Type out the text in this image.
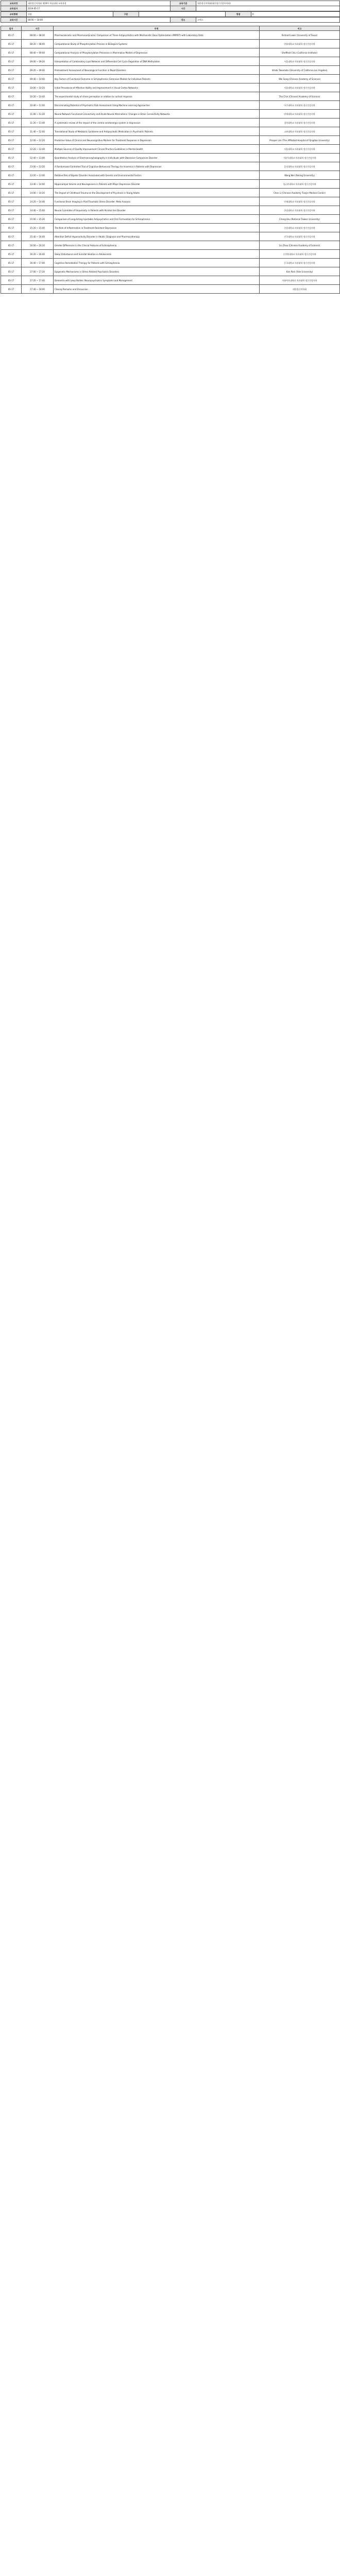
교육과정	대한정신의학회 제10차 학술대회 교육과정	교육기관	대한정신의학회(대한정신건강의학회)
교육일자	2019-05-17	시간	
교육형태	집합	구분		평점	6
교육시간	08:00 ~ 18:00	장소	코엑스
일자	시간	주제	비고
05-17	08:00 ~ 08:20	Pharmacokinetic and Pharmacodynamic Comparison of Three Antipsychotics with Mechanistic Dose Optimization (PMPDT) with Laboratory Data	Richard Lewis (University of Texas)
05-17	08:20 ~ 08:40	Computational Study of Phosphorylation Process in Biological Systems	한양대학교 의과대학 정신건강의학
05-17	08:40 ~ 09:00	Computational Analysis of Phosphorylation Processes in Mammalian Models of Depression	Sheffield Chiu (California Institute)
05-17	09:00 ~ 09:20	Interpretation of Combinatory Lipid Network and Differential Cell Cycle Regulation of DNA Methylation	서울대학교 의과대학 정신건강의학
05-17	09:20 ~ 09:40	Pretreatment Assessment of Neurological Function in Mood Disorders	Ishida Takemoto (University of California Los Angeles)
05-17	09:40 ~ 10:00	Key Factors of Functional Outcome in Schizophrenia: Extensive Models for Individual Patients	Wei Song (Chinese Academy of Science)
05-17	10:00 ~ 10:20	Initial Prevalence of Affective Ability and Improvement in Visual Cortex Networks	서울대학교 의과대학 정신건강의학
05-17	10:20 ~ 10:40	The experimental study of stress perception in relation to cortisol response	The Chin (Chinese Academy of Science)
05-17	10:40 ~ 11:00	Discriminating Potential of Psychiatric Risk Assessment Using Machine Learning Approaches	아주대학교 의과대학 정신건강의학
05-17	11:00 ~ 11:20	Neural Network Functional Connectivity and Acute Neural Alternations: Changes in Brain Connectivity Networks	연세대학교 의과대학 정신건강의학
05-17	11:20 ~ 11:40	A systematic review of the impact of the central serotonergic system in depression	경희대학교 의과대학 정신건강의학
05-17	11:40 ~ 12:00	Translational Study of Metabolic Syndrome and Antipsychotic Medication in Psychiatric Patients	고려대학교 의과대학 정신건강의학
05-17	12:00 ~ 12:20	Predictive Value of Clinical and Neurocognitive Markers for Treatment Response in Depression	Prosper Lim (The Affiliated Hospital of Qingdao University)
05-17	12:20 ~ 12:40	Multiple Sources of Quality Improvement Clinical Practice Guidelines in Mental Health	서울대학교 의과대학 정신건강의학
05-17	12:40 ~ 13:00	Quantitative Analysis of Electroencephalography in Individuals with Obsessive Compulsive Disorder	가톨릭대학교 의과대학 정신건강의학
05-17	13:00 ~ 13:20	A Randomized Controlled Trial of Cognitive Behavioral Therapy for Insomnia in Patients with Depression	을지대학교 의과대학 정신건강의학
05-17	13:20 ~ 13:40	Relative Risk of Bipolar Disorder Associated with Genetic and Environmental Factors	Wang Wei (Peking University)
05-17	13:40 ~ 14:00	Hippocampal Volume and Neurogenesis in Patients with Major Depressive Disorder	성균관대학교 의과대학 정신건강의학
05-17	14:00 ~ 14:20	The Impact of Childhood Trauma on the Development of Psychosis in Young Adults	Chen Li (Chinese Academy Tianjin Medical Center)
05-17	14:20 ~ 14:40	Functional Brain Imaging in Post-Traumatic Stress Disorder: Meta Analysis	인제대학교 의과대학 정신건강의학
05-17	14:40 ~ 15:00	Neural Correlates of Impulsivity in Patients with Alcohol Use Disorder	한림대학교 의과대학 정신건강의학
05-17	15:00 ~ 15:20	Comparison of Long-Acting Injectable Antipsychotics and Oral Formulation for Schizophrenia	Chang Hsu (National Taiwan University)
05-17	15:20 ~ 15:40	The Role of Inflammation in Treatment Resistant Depression	중앙대학교 의과대학 정신건강의학
05-17	15:40 ~ 16:00	Attention Deficit Hyperactivity Disorder in Adults: Diagnosis and Pharmacotherapy	건국대학교 의과대학 정신건강의학
05-17	16:00 ~ 16:20	Gender Differences in the Clinical Features of Schizophrenia	Lin Zhao (Chinese Academy of Science)
05-17	16:20 ~ 16:40	Sleep Disturbance and Suicidal Ideation in Adolescents	순천향대학교 의과대학 정신건강의학
05-17	16:40 ~ 17:00	Cognitive Remediation Therapy for Patients with Schizophrenia	동국대학교 의과대학 정신건강의학
05-17	17:00 ~ 17:20	Epigenetic Mechanisms in Stress Related Psychiatric Disorders	Kim Park (Yale University)
05-17	17:20 ~ 17:40	Dementia with Lewy Bodies: Neuropsychiatric Symptoms and Management	이화여자대학교 의과대학 정신건강의학
05-17	17:40 ~ 18:00	Closing Remarks and Discussion	대한정신의학회
